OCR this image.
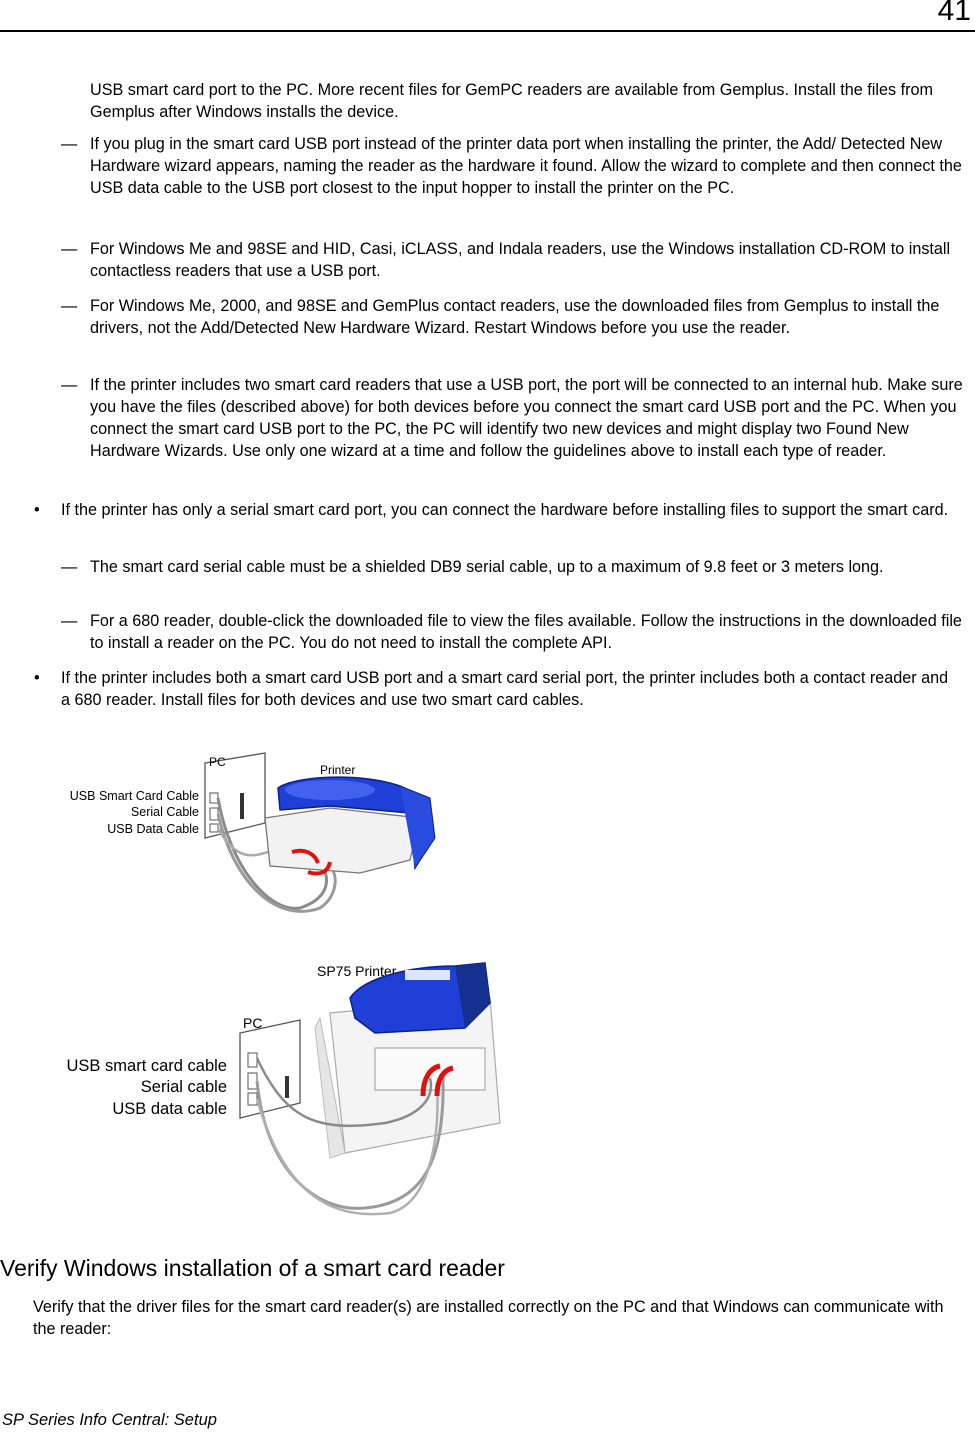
41

USB smart card port to the PC. More recent files for GemPC readers are available from Gemplus. Install the files from Gemplus after Windows installs the device.

— If you plug in the smart card USB port instead of the printer data port when installing the printer, the Add/ Detected New Hardware wizard appears, naming the reader as the hardware it found. Allow the wizard to complete and then connect the USB data cable to the USB port closest to the input hopper to install the printer on the PC.

— For Windows Me and 98SE and HID, Casi, iCLASS, and Indala readers, use the Windows installation CD-ROM to install contactless readers that use a USB port.

— For Windows Me, 2000, and 98SE and GemPlus contact readers, use the downloaded files from Gemplus to install the drivers, not the Add/Detected New Hardware Wizard. Restart Windows before you use the reader.

— If the printer includes two smart card readers that use a USB port, the port will be connected to an internal hub. Make sure you have the files (described above) for both devices before you connect the smart card USB port and the PC. When you connect the smart card USB port to the PC, the PC will identify two new devices and might display two Found New Hardware Wizards. Use only one wizard at a time and follow the guidelines above to install each type of reader.

• If the printer has only a serial smart card port, you can connect the hardware before installing files to support the smart card.

— The smart card serial cable must be a shielded DB9 serial cable, up to a maximum of 9.8 feet or 3 meters long.

— For a 680 reader, double-click the downloaded file to view the files available. Follow the instructions in the downloaded file to install a reader on the PC. You do not need to install the complete API.

• If the printer includes both a smart card USB port and a smart card serial port, the printer includes both a contact reader and a 680 reader. Install files for both devices and use two smart card cables.

PC
USB Smart Card Cable
Serial Cable
USB Data Cable
Printer
SP75 Printer
PC
USB smart card cable
Serial cable
USB data cable
Verify Windows installation of a smart card reader

Verify that the driver files for the smart card reader(s) are installed correctly on the PC and that Windows can communicate with the reader:

SP Series Info Central: Setup
